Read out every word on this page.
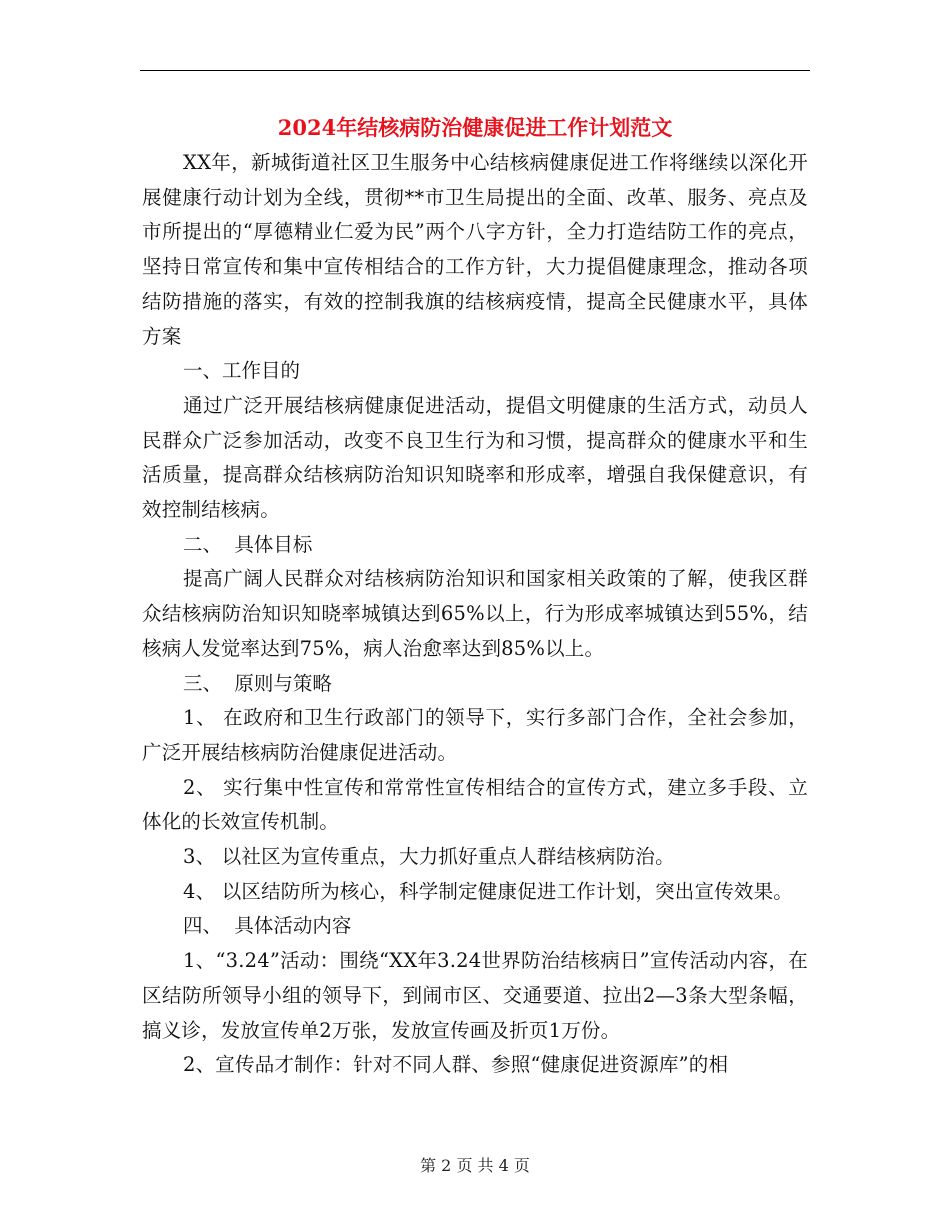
2024年结核病防治健康促进工作计划范文

XX年，新城街道社区卫生服务中心结核病健康促进工作将继续以深化开展健康行动计划为全线，贯彻**市卫生局提出的全面、改革、服务、亮点及市所提出的“厚德精业仁爱为民”两个八字方针，全力打造结防工作的亮点，坚持日常宣传和集中宣传相结合的工作方针，大力提倡健康理念，推动各项结防措施的落实，有效的控制我旗的结核病疫情，提高全民健康水平，具体方案

一、工作目的

通过广泛开展结核病健康促进活动，提倡文明健康的生活方式，动员人民群众广泛参加活动，改变不良卫生行为和习惯，提高群众的健康水平和生活质量，提高群众结核病防治知识知晓率和形成率，增强自我保健意识，有效控制结核病。

二、  具体目标

提高广阔人民群众对结核病防治知识和国家相关政策的了解，使我区群众结核病防治知识知晓率城镇达到65%以上，行为形成率城镇达到55%，结核病人发觉率达到75%，病人治愈率达到85%以上。

三、  原则与策略

1、 在政府和卫生行政部门的领导下，实行多部门合作，全社会参加，广泛开展结核病防治健康促进活动。

2、 实行集中性宣传和常常性宣传相结合的宣传方式，建立多手段、立体化的长效宣传机制。

3、 以社区为宣传重点，大力抓好重点人群结核病防治。

4、 以区结防所为核心，科学制定健康促进工作计划，突出宣传效果。

四、  具体活动内容

1、“3.24”活动：围绕“XX年3.24世界防治结核病日”宣传活动内容，在区结防所领导小组的领导下，到闹市区、交通要道、拉出2—3条大型条幅，搞义诊，发放宣传单2万张，发放宣传画及折页1万份。

2、宣传品才制作：针对不同人群、参照“健康促进资源库”的相

第 2 页 共 4 页
